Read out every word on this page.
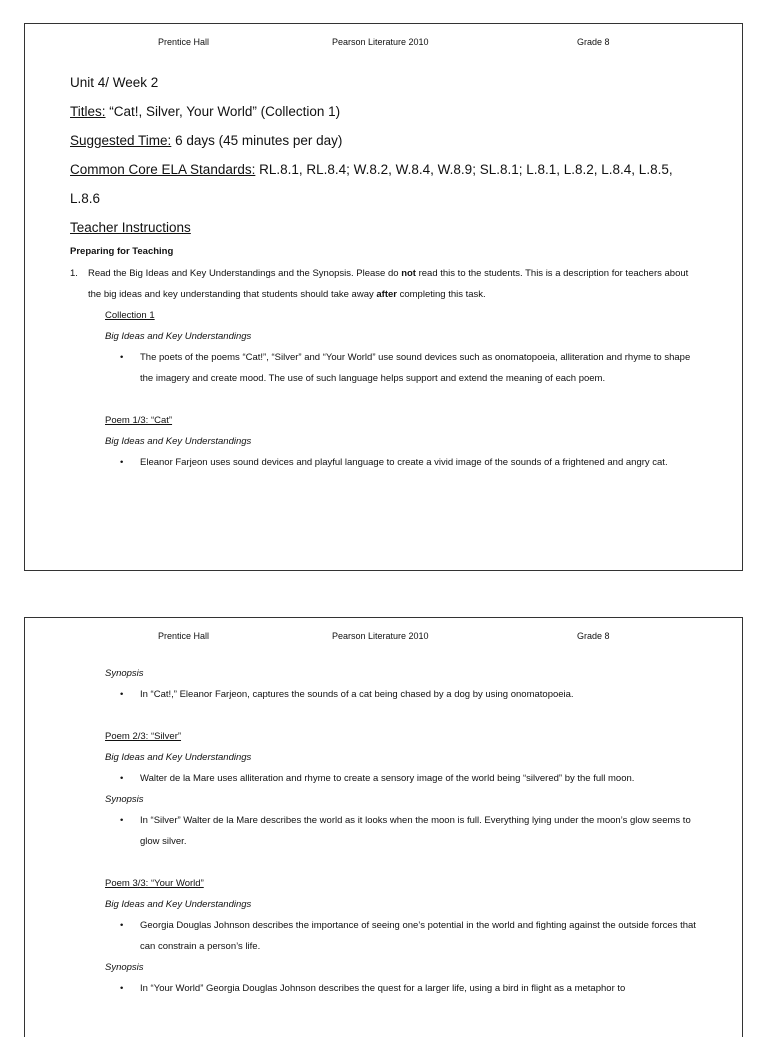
Prentice Hall	Pearson Literature 2010	Grade 8

Unit 4/ Week 2

Titles: “Cat!, Silver, Your World” (Collection 1)

Suggested Time: 6 days (45 minutes per day)

Common Core ELA Standards: RL.8.1, RL.8.4; W.8.2, W.8.4, W.8.9; SL.8.1; L.8.1, L.8.2, L.8.4, L.8.5, L.8.6

Teacher Instructions

Preparing for Teaching

1. Read the Big Ideas and Key Understandings and the Synopsis. Please do not read this to the students. This is a description for teachers about the big ideas and key understanding that students should take away after completing this task.

Collection 1

Big Ideas and Key Understandings

• The poets of the poems “Cat!”, “Silver” and “Your World” use sound devices such as onomatopoeia, alliteration and rhyme to shape the imagery and create mood. The use of such language helps support and extend the meaning of each poem.

Poem 1/3: “Cat”

Big Ideas and Key Understandings

• Eleanor Farjeon uses sound devices and playful language to create a vivid image of the sounds of a frightened and angry cat.

Prentice Hall	Pearson Literature 2010	Grade 8

Synopsis

• In “Cat!,” Eleanor Farjeon, captures the sounds of a cat being chased by a dog by using onomatopoeia.

Poem 2/3: “Silver”

Big Ideas and Key Understandings

• Walter de la Mare uses alliteration and rhyme to create a sensory image of the world being “silvered” by the full moon.

Synopsis

• In “Silver” Walter de la Mare describes the world as it looks when the moon is full. Everything lying under the moon’s glow seems to glow silver.

Poem 3/3: “Your World”

Big Ideas and Key Understandings

• Georgia Douglas Johnson describes the importance of seeing one’s potential in the world and fighting against the outside forces that can constrain a person’s life.

Synopsis

• In “Your World” Georgia Douglas Johnson describes the quest for a larger life, using a bird in flight as a metaphor to
